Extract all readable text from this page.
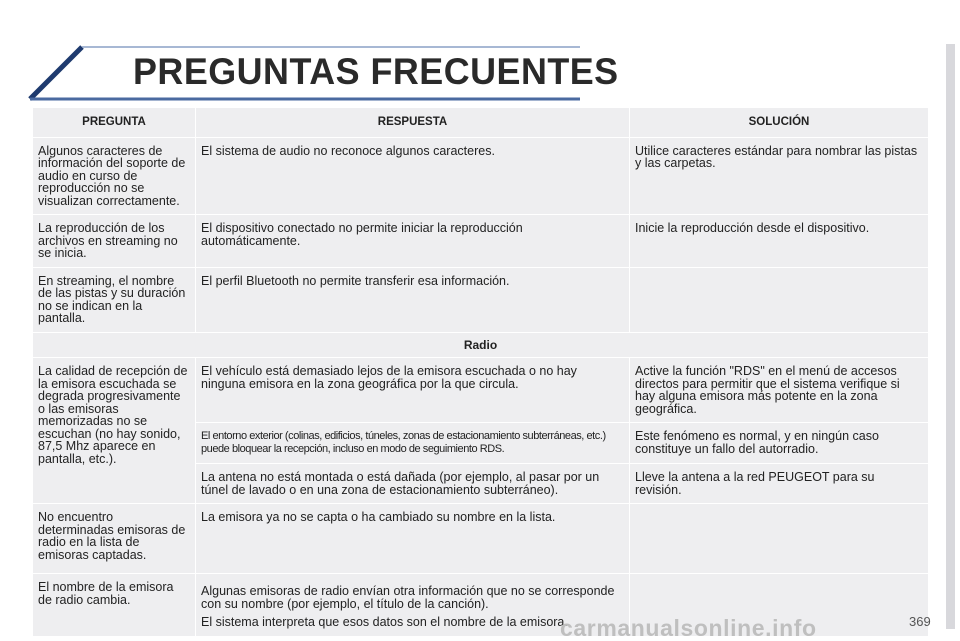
PREGUNTAS FRECUENTES
PREGUNTA	RESPUESTA	SOLUCIÓN
Algunos caracteres de información del soporte de audio en curso de reproducción no se visualizan correctamente.	El sistema de audio no reconoce algunos caracteres.	Utilice caracteres estándar para nombrar las pistas y las carpetas.
La reproducción de los archivos en streaming no se inicia.	El dispositivo conectado no permite iniciar la reproducción automáticamente.	Inicie la reproducción desde el dispositivo.
En streaming, el nombre de las pistas y su duración no se indican en la pantalla.	El perfil Bluetooth no permite transferir esa información.	
Radio		
La calidad de recepción de la emisora escuchada se degrada progresivamente o las emisoras memorizadas no se escuchan (no hay sonido, 87,5 Mhz aparece en pantalla, etc.).	El vehículo está demasiado lejos de la emisora escuchada o no hay ninguna emisora en la zona geográfica por la que circula.	Active la función "RDS" en el menú de accesos directos para permitir que el sistema verifique si hay alguna emisora más potente en la zona geográfica.

	El entorno exterior (colinas, edificios, túneles, zonas de estacionamiento subterráneas, etc.) puede bloquear la recepción, incluso en modo de seguimiento RDS.	Este fenómeno es normal, y en ningún caso constituye un fallo del autorradio.
	La antena no está montada o está dañada (por ejemplo, al pasar por un túnel de lavado o en una zona de estacionamiento subterráneo).	Lleve la antena a la red PEUGEOT para su revisión.
No encuentro determinadas emisoras de radio en la lista de emisoras captadas.	La emisora ya no se capta o ha cambiado su nombre en la lista.	
El nombre de la emisora de radio cambia.	Algunas emisoras de radio envían otra información que no se corresponde con su nombre (por ejemplo, el título de la canción).
El sistema interpreta que esos datos son el nombre de la emisora.	

carmanualsonline.info	369
